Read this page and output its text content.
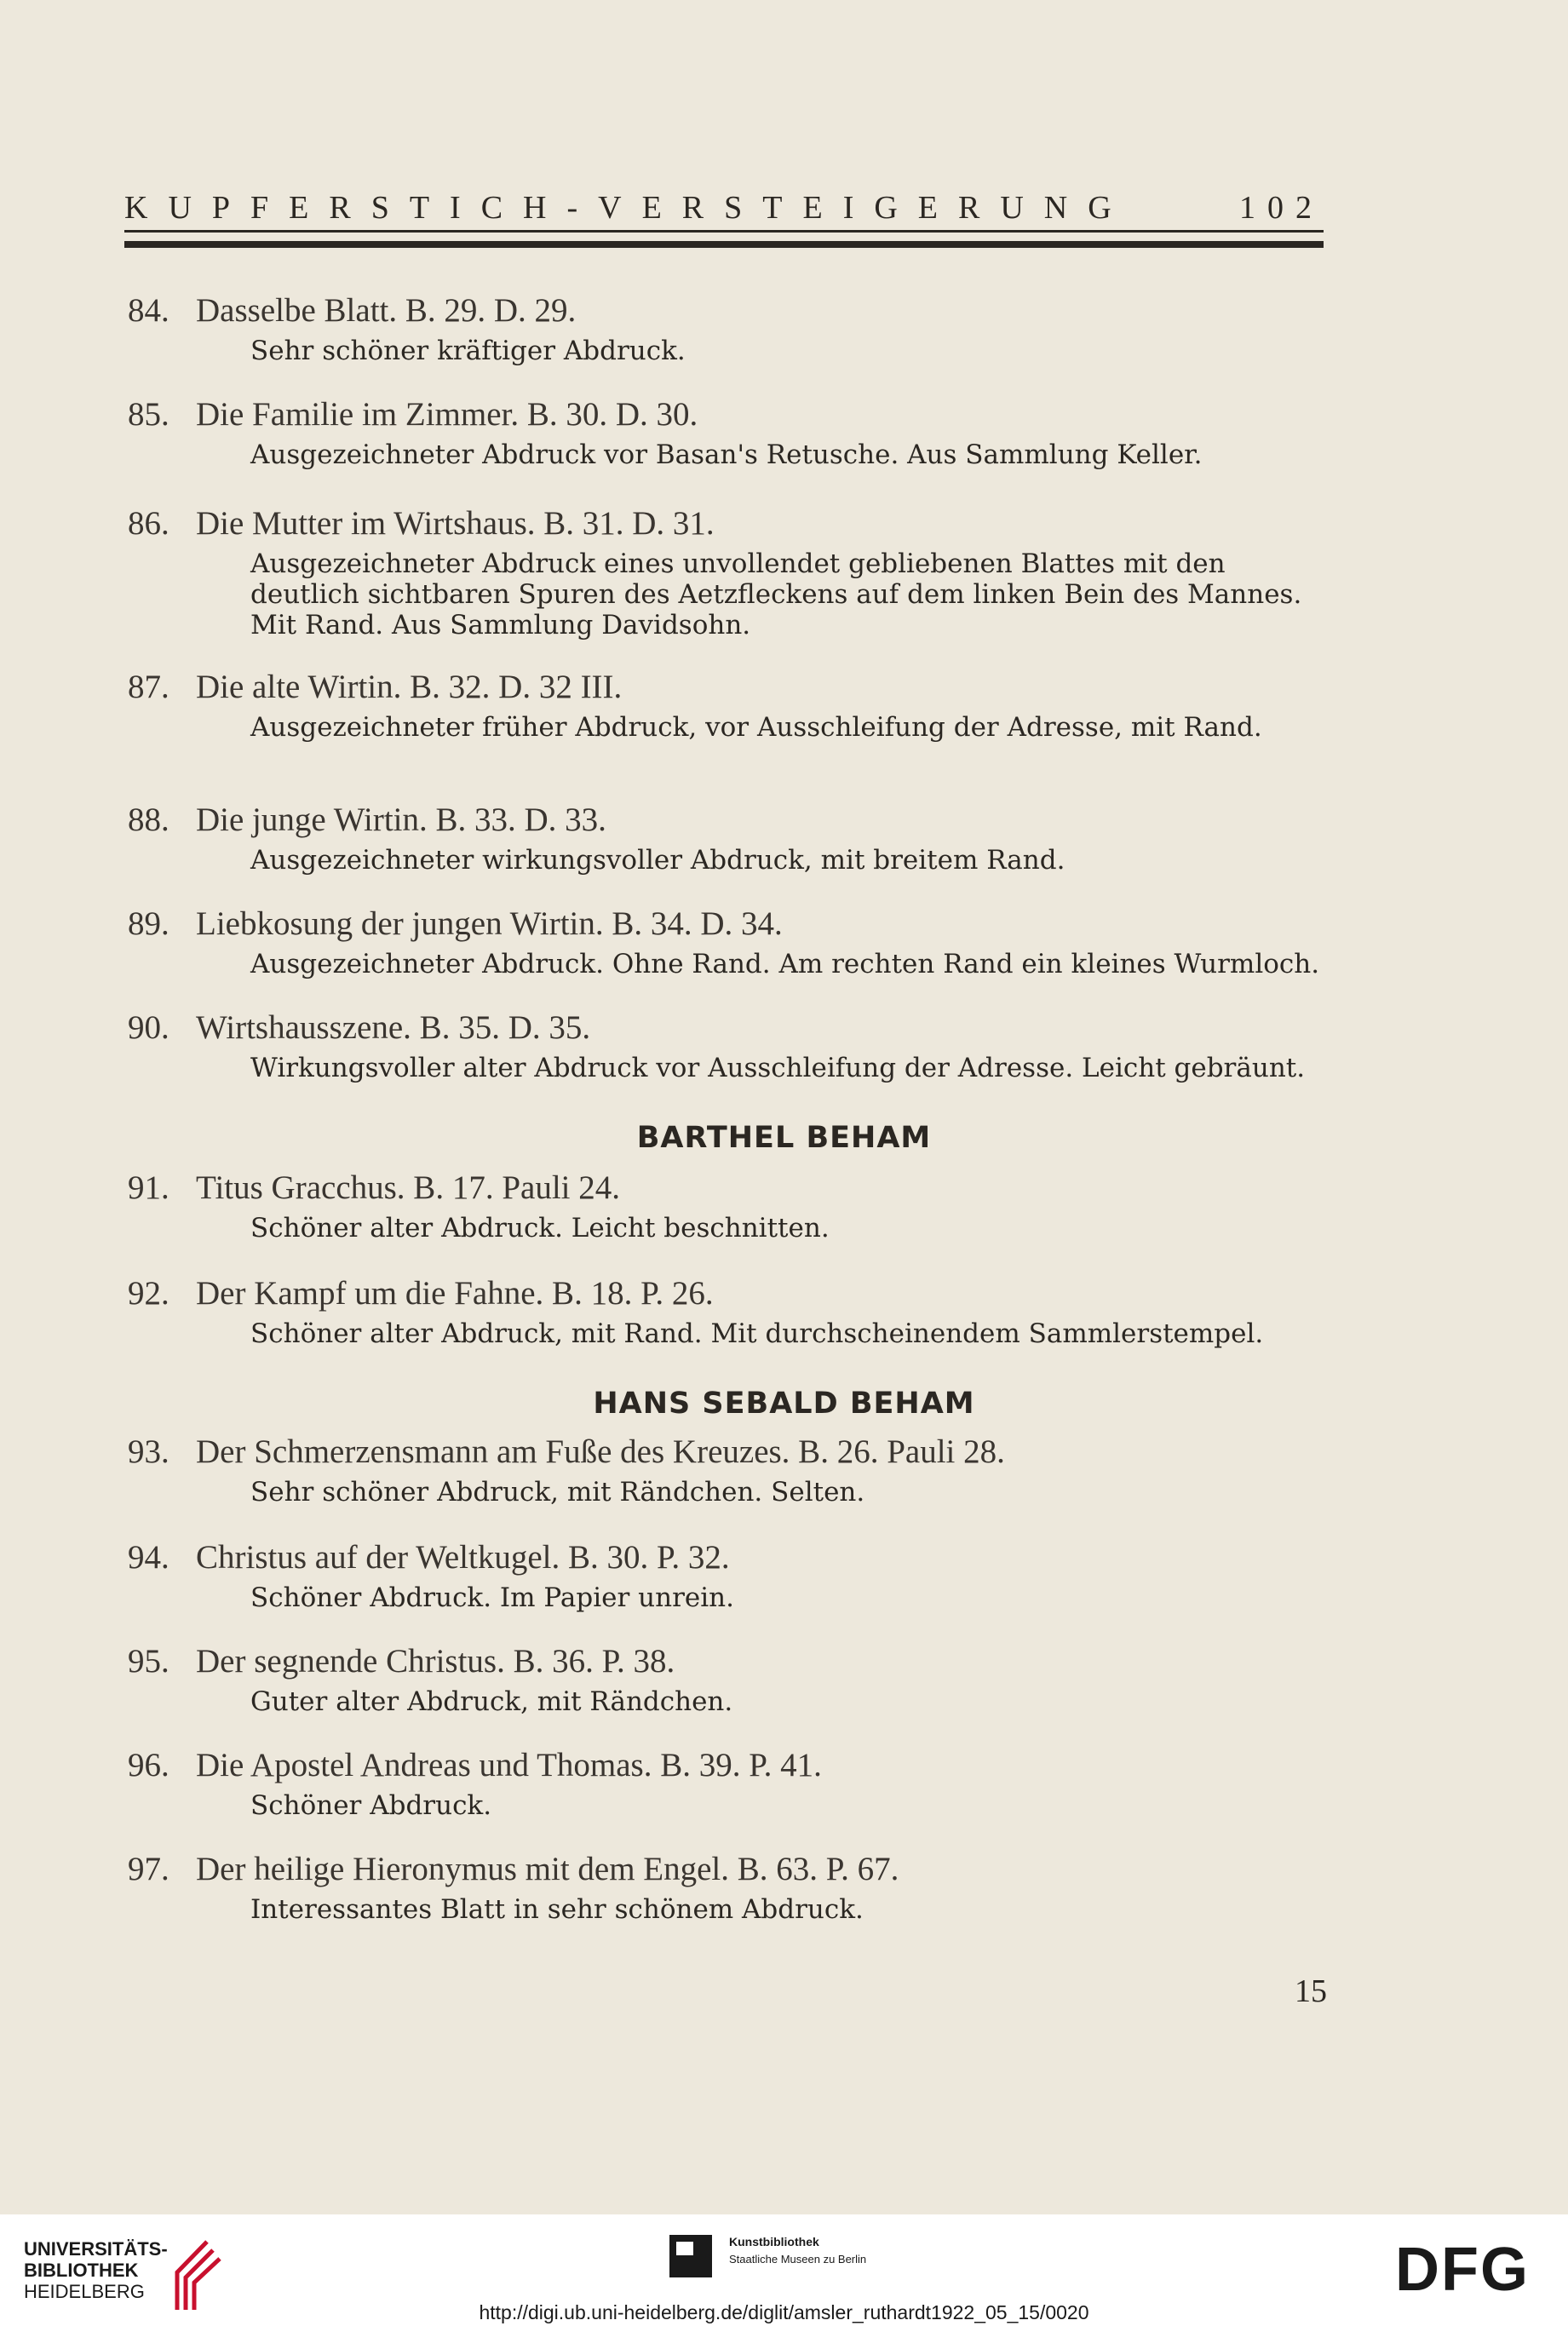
KUPFERSTICH-VERSTEIGERUNG	102
84. Dasselbe Blatt. B. 29. D. 29.
Sehr schöner kräftiger Abdruck.
85. Die Familie im Zimmer. B. 30. D. 30.
Ausgezeichneter Abdruck vor Basan's Retusche. Aus Sammlung Keller.
86. Die Mutter im Wirtshaus. B. 31. D. 31.
Ausgezeichneter Abdruck eines unvollendet gebliebenen Blattes mit den deutlich sichtbaren Spuren des Aetzfleckens auf dem linken Bein des Mannes. Mit Rand. Aus Sammlung Davidsohn.
87. Die alte Wirtin. B. 32. D. 32 III.
Ausgezeichneter früher Abdruck, vor Ausschleifung der Adresse, mit Rand.
88. Die junge Wirtin. B. 33. D. 33.
Ausgezeichneter wirkungsvoller Abdruck, mit breitem Rand.
89. Liebkosung der jungen Wirtin. B. 34. D. 34.
Ausgezeichneter Abdruck. Ohne Rand. Am rechten Rand ein kleines Wurmloch.
90. Wirtshausszene. B. 35. D. 35.
Wirkungsvoller alter Abdruck vor Ausschleifung der Adresse. Leicht gebräunt.
BARTHEL BEHAM
91. Titus Gracchus. B. 17. Pauli 24.
Schöner alter Abdruck. Leicht beschnitten.
92. Der Kampf um die Fahne. B. 18. P. 26.
Schöner alter Abdruck, mit Rand. Mit durchscheinendem Sammlerstempel.
HANS SEBALD BEHAM
93. Der Schmerzensmann am Fuße des Kreuzes. B. 26. Pauli 28.
Sehr schöner Abdruck, mit Rändchen. Selten.
94. Christus auf der Weltkugel. B. 30. P. 32.
Schöner Abdruck. Im Papier unrein.
95. Der segnende Christus. B. 36. P. 38.
Guter alter Abdruck, mit Rändchen.
96. Die Apostel Andreas und Thomas. B. 39. P. 41.
Schöner Abdruck.
97. Der heilige Hieronymus mit dem Engel. B. 63. P. 67.
Interessantes Blatt in sehr schönem Abdruck.
15
UNIVERSITÄTS-
BIBLIOTHEK
HEIDELBERG
Kunstbibliothek
Staatliche Museen zu Berlin	DFG
http://digi.ub.uni-heidelberg.de/diglit/amsler_ruthardt1922_05_15/0020
